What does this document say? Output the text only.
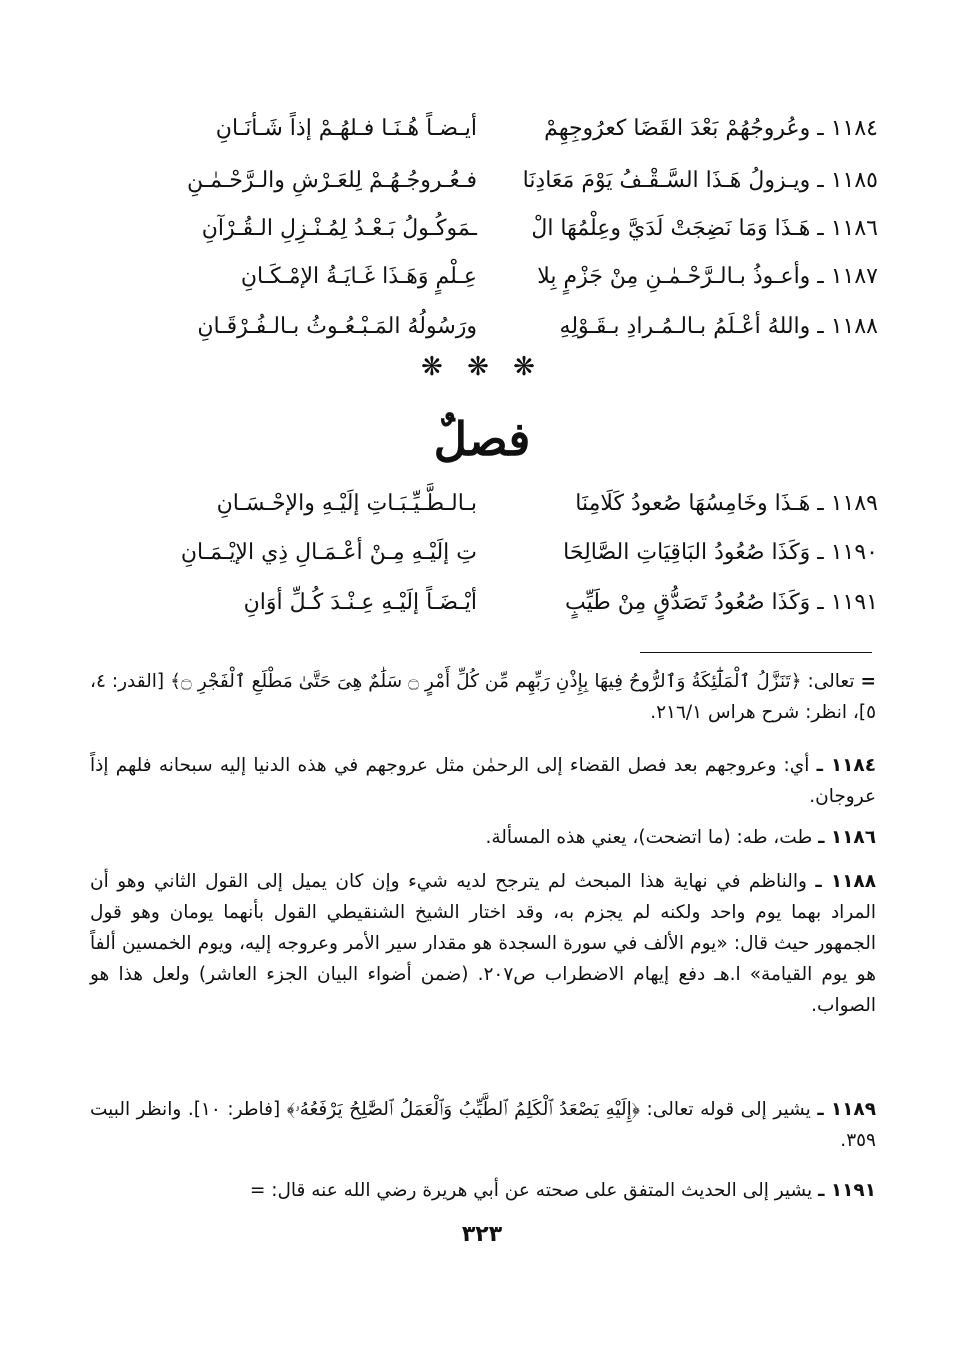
١١٨٤ ـ وعُروجُهُمْ بَعْدَ القَضَا كعرُوجِهِمْ
أيـضـاً هُـنَـا فـلهُـمْ إذاً شَـأنَـانِ
١١٨٥ ـ ويـزولُ هَـذَا السَّـقْـفُ يَوْمَ مَعَادِنَا
فـعُـروجُـهُـمْ لِلعَـرْشِ والـرَّحْـمٰـنِ
١١٨٦ ـ هَـذَا وَمَا نَضِجَتْ لَدَيَّ وعِلْمُهَا الْ
ـمَوكُـولُ بَـعْـدُ لِمُـنْـزِلِ الـقُـرْآنِ
١١٨٧ ـ وأعـوذُ بـالـرَّحْـمٰـنِ مِنْ جَزْمٍ بِلا
عِـلْمٍ وَهَـذَا غَـايَـةُ الإمْـكَـانِ
١١٨٨ ـ واللهُ أعْـلَمُ بـالـمُـرادِ بـقَـوْلِهِ
ورَسُولُهُ المَـبْـعُـوثُ بـالـفُـرْقَـانِ
❋ ❋ ❋
فصلٌ
١١٨٩ ـ هَـذَا وخَامِسُهَا صُعودُ كَلَامِنَا
بـالـطَّـيِّـبَـاتِ إلَيْـهِ والإحْـسَـانِ
١١٩٠ ـ وَكَذَا صُعُودُ البَاقِيَاتِ الصَّالِحَا
تِ إلَيْـهِ مِـنْ أعْـمَـالِ ذِي الإيْـمَـانِ
١١٩١ ـ وَكَذَا صُعُودُ تَصَدُّقٍ مِنْ طَيِّبٍ
أيْـضَـاً إلَيْـهِ عِـنْـدَ كُـلِّ أوَانِ
= تعالى: ﴿تَنَزَّلُ ٱلْمَلَٰٓئِكَةُ وَٱلرُّوحُ فِيهَا بِإِذْنِ رَبِّهِم مِّن كُلِّ أَمْرٍ ۝ سَلَٰمٌ هِىَ حَتَّىٰ مَطْلَعِ ٱلْفَجْرِ ۝﴾ [القدر: ٤، ٥]، انظر: شرح هراس ٢١٦/١.
١١٨٤ ـ أي: وعروجهم بعد فصل القضاء إلى الرحمٰن مثل عروجهم في هذه الدنيا إليه سبحانه فلهم إذاً عروجان.
١١٨٦ ـ طت، طه: (ما اتضحت)، يعني هذه المسألة.
١١٨٨ ـ والناظم في نهاية هذا المبحث لم يترجح لديه شيء وإن كان يميل إلى القول الثاني وهو أن المراد بهما يوم واحد ولكنه لم يجزم به، وقد اختار الشيخ الشنقيطي القول بأنهما يومان وهو قول الجمهور حيث قال: «يوم الألف في سورة السجدة هو مقدار سير الأمر وعروجه إليه، ويوم الخمسين ألفاً هو يوم القيامة» ا.هـ دفع إيهام الاضطراب ص٢٠٧. (ضمن أضواء البيان الجزء العاشر) ولعل هذا هو الصواب.
١١٨٩ ـ يشير إلى قوله تعالى: ﴿إِلَيْهِ يَصْعَدُ ٱلْكَلِمُ ٱلطَّيِّبُ وَٱلْعَمَلُ ٱلصَّٰلِحُ يَرْفَعُهُۥ﴾ [فاطر: ١٠]. وانظر البيت ٣٥٩.
١١٩١ ـ يشير إلى الحديث المتفق على صحته عن أبي هريرة رضي الله عنه قال: =
٣٢٣
